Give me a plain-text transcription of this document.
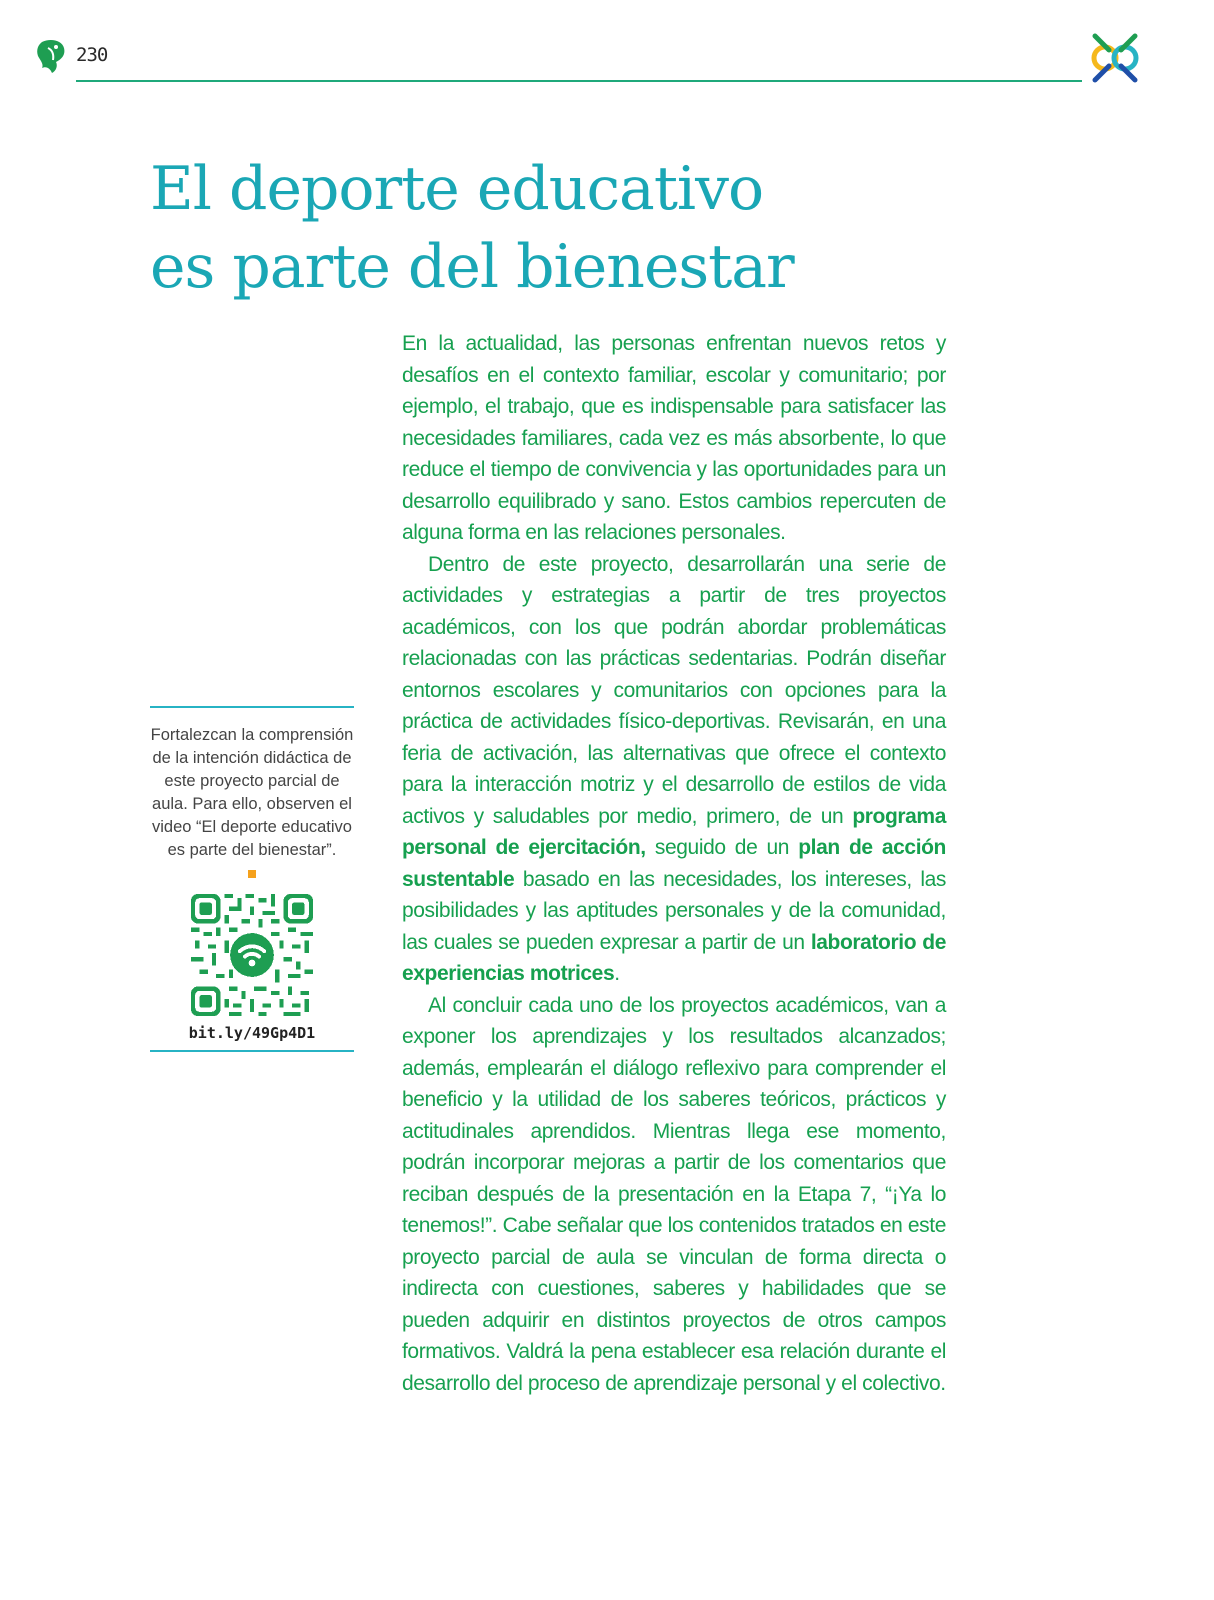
230
El deporte educativo
es parte del bienestar

Fortalezcan la comprensión de la intención didáctica de este proyecto parcial de aula. Para ello, observen el video “El deporte educativo es parte del bienestar”.

bit.ly/49Gp4D1

En la actualidad, las personas enfrentan nuevos retos y desafíos en el contexto familiar, escolar y comunitario; por ejemplo, el trabajo, que es indispensable para satisfacer las necesidades familiares, cada vez es más absorbente, lo que reduce el tiempo de convivencia y las oportunidades para un desarrollo equilibrado y sano. Estos cambios repercuten de alguna forma en las relaciones personales.

Dentro de este proyecto, desarrollarán una serie de actividades y estrategias a partir de tres proyectos académicos, con los que podrán abordar problemáticas relacionadas con las prácticas sedentarias. Podrán diseñar entornos escolares y comunitarios con opciones para la práctica de actividades físico-deportivas. Revisarán, en una feria de activación, las alternativas que ofrece el contexto para la interacción motriz y el desarrollo de estilos de vida activos y saludables por medio, primero, de un programa personal de ejercitación, seguido de un plan de acción sustentable basado en las necesidades, los intereses, las posibilidades y las aptitudes personales y de la comunidad, las cuales se pueden expresar a partir de un laboratorio de experiencias motrices.

Al concluir cada uno de los proyectos académicos, van a exponer los aprendizajes y los resultados alcanzados; además, emplearán el diálogo reflexivo para comprender el beneficio y la utilidad de los saberes teóricos, prácticos y actitudinales aprendidos. Mientras llega ese momento, podrán incorporar mejoras a partir de los comentarios que reciban después de la presentación en la Etapa 7, “¡Ya lo tenemos!”. Cabe señalar que los contenidos tratados en este proyecto parcial de aula se vinculan de forma directa o indirecta con cuestiones, saberes y habilidades que se pueden adquirir en distintos proyectos de otros campos formativos. Valdrá la pena establecer esa relación durante el desarrollo del proceso de aprendizaje personal y el colectivo.
